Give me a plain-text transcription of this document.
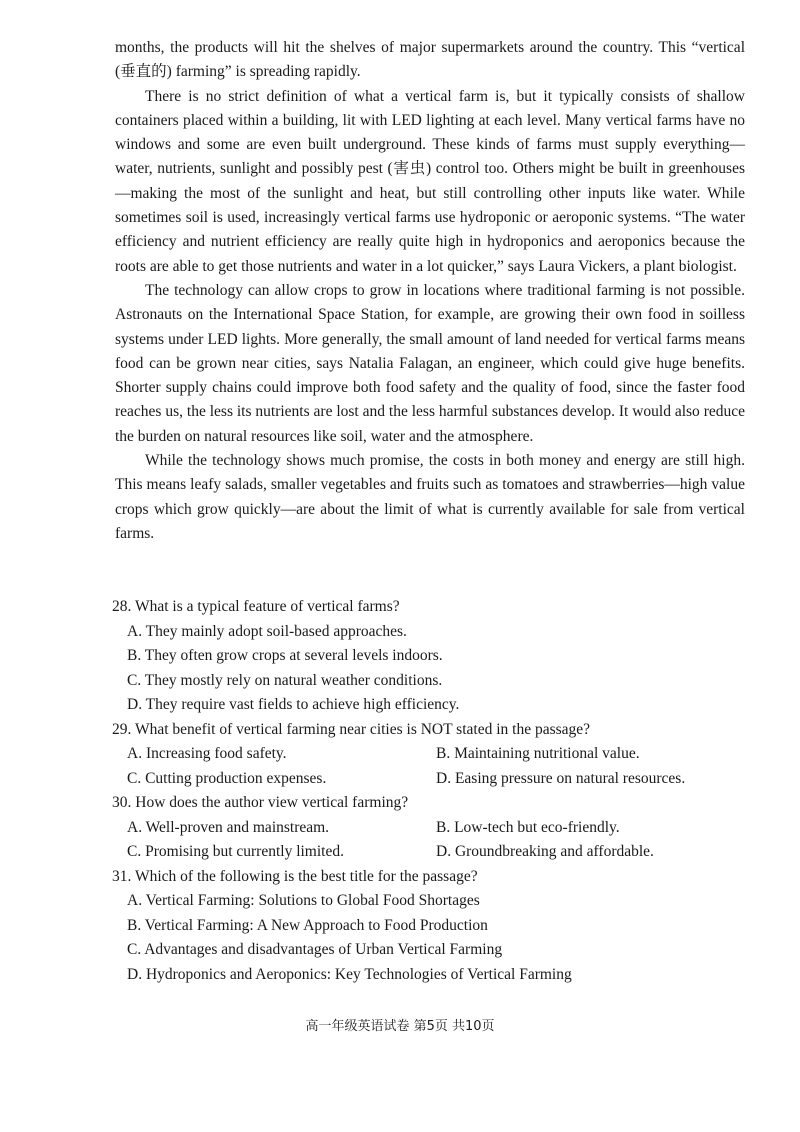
months, the products will hit the shelves of major supermarkets around the country. This “vertical (垂直的) farming” is spreading rapidly.

There is no strict definition of what a vertical farm is, but it typically consists of shallow containers placed within a building, lit with LED lighting at each level. Many vertical farms have no windows and some are even built underground. These kinds of farms must supply everything—water, nutrients, sunlight and possibly pest (害虫) control too. Others might be built in greenhouses—making the most of the sunlight and heat, but still controlling other inputs like water. While sometimes soil is used, increasingly vertical farms use hydroponic or aeroponic systems. “The water efficiency and nutrient efficiency are really quite high in hydroponics and aeroponics because the roots are able to get those nutrients and water in a lot quicker,” says Laura Vickers, a plant biologist.

The technology can allow crops to grow in locations where traditional farming is not possible. Astronauts on the International Space Station, for example, are growing their own food in soilless systems under LED lights. More generally, the small amount of land needed for vertical farms means food can be grown near cities, says Natalia Falagan, an engineer, which could give huge benefits. Shorter supply chains could improve both food safety and the quality of food, since the faster food reaches us, the less its nutrients are lost and the less harmful substances develop. It would also reduce the burden on natural resources like soil, water and the atmosphere.

While the technology shows much promise, the costs in both money and energy are still high. This means leafy salads, smaller vegetables and fruits such as tomatoes and strawberries—high value crops which grow quickly—are about the limit of what is currently available for sale from vertical farms.

28. What is a typical feature of vertical farms?

A. They mainly adopt soil-based approaches.

B. They often grow crops at several levels indoors.

C. They mostly rely on natural weather conditions.

D. They require vast fields to achieve high efficiency.

29. What benefit of vertical farming near cities is NOT stated in the passage?

A. Increasing food safety.	B. Maintaining nutritional value.
C. Cutting production expenses.	D. Easing pressure on natural resources.

30. How does the author view vertical farming?

A. Well-proven and mainstream.	B. Low-tech but eco-friendly.
C. Promising but currently limited.	D. Groundbreaking and affordable.

31. Which of the following is the best title for the passage?

A. Vertical Farming: Solutions to Global Food Shortages

B. Vertical Farming: A New Approach to Food Production

C. Advantages and disadvantages of Urban Vertical Farming

D. Hydroponics and Aeroponics: Key Technologies of Vertical Farming

高一年级英语试卷 第5页 共10页
